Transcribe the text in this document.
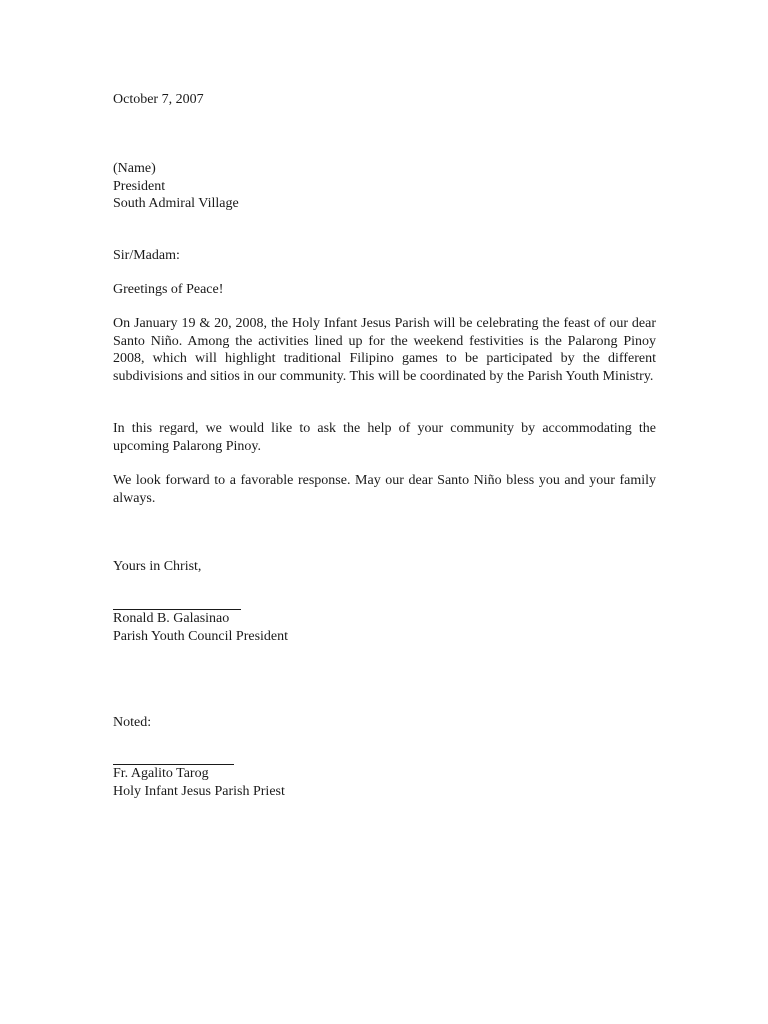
October 7, 2007
(Name)
President
South Admiral Village
Sir/Madam:
Greetings of Peace!

On January 19 & 20, 2008, the Holy Infant Jesus Parish will be celebrating the feast of our dear Santo Niño. Among the activities lined up for the weekend festivities is the Palarong Pinoy 2008, which will highlight traditional Filipino games to be participated by the different subdivisions and sitios in our community. This will be coordinated by the Parish Youth Ministry.

In this regard, we would like to ask the help of your community by accommodating the upcoming Palarong Pinoy.

We look forward to a favorable response. May our dear Santo Niño bless you and your family always.

Yours in Christ,
Ronald B. Galasinao
Parish Youth Council President
Noted:
Fr. Agalito Tarog
Holy Infant Jesus Parish Priest
